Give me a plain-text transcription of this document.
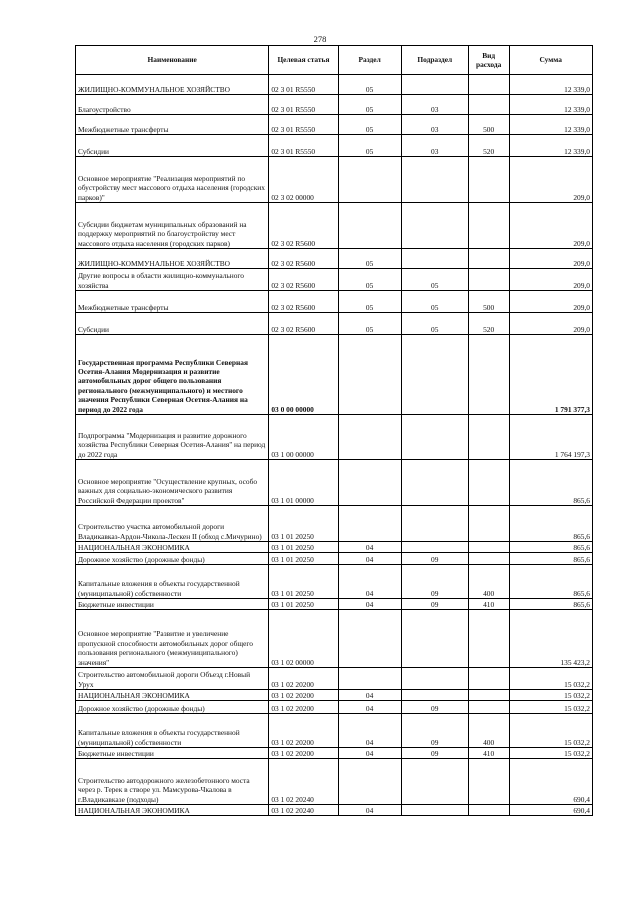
278
Наименование	Целевая статья	Раздел	Подраздел	Вид расхода	Сумма
ЖИЛИЩНО-КОММУНАЛЬНОЕ ХОЗЯЙСТВО	02 3 01 R5550	05			12 339,0
Благоустройство	02 3 01 R5550	05	03		12 339,0
Межбюджетные трансферты	02 3 01 R5550	05	03	500	12 339,0
Субсидии	02 3 01 R5550	05	03	520	12 339,0
Основное мероприятие "Реализация мероприятий по обустройству мест массового отдыха населения (городских парков)"	02 3 02 00000				209,0
Субсидии бюджетам муниципальных образований на поддержку мероприятий по благоустройству мест массового отдыха населения (городских парков)	02 3 02 R5600				209,0
ЖИЛИЩНО-КОММУНАЛЬНОЕ ХОЗЯЙСТВО	02 3 02 R5600	05			209,0
Другие вопросы в области жилищно-коммунального хозяйства	02 3 02 R5600	05	05		209,0
Межбюджетные трансферты	02 3 02 R5600	05	05	500	209,0
Субсидии	02 3 02 R5600	05	05	520	209,0
Государственная программа Республики Северная Осетия-Алания Модернизация и развитие автомобильных дорог общего пользования регионального (межмуниципального) и местного значения Республики Северная Осетия-Алания на период до 2022 года	03 0 00 00000				1 791 377,3
Подпрограмма "Модернизация и развитие дорожного хозяйства Республики Северная Осетия-Алания" на период до 2022 года	03 1 00 00000				1 764 197,3
Основное мероприятие "Осуществление крупных, особо важных для социально-экономического развития Российской Федерации проектов"	03 1 01 00000				865,6
Строительство участка автомобильной дороги Владикавказ-Ардон-Чикола-Лескен II (обход с.Мичурино)	03 1 01 20250				865,6
НАЦИОНАЛЬНАЯ ЭКОНОМИКА	03 1 01 20250	04			865,6
Дорожное хозяйство (дорожные фонды)	03 1 01 20250	04	09		865,6
Капитальные вложения в объекты государственной (муниципальной) собственности	03 1 01 20250	04	09	400	865,6
Бюджетные инвестиции	03 1 01 20250	04	09	410	865,6
Основное мероприятие "Развитие и увеличение пропускной способности автомобильных дорог общего пользования регионального (межмуниципального) значения"	03 1 02 00000				135 423,2
Строительство автомобильной дороги Объезд г.Новый Урух	03 1 02 20200				15 032,2
НАЦИОНАЛЬНАЯ ЭКОНОМИКА	03 1 02 20200	04			15 032,2
Дорожное хозяйство (дорожные фонды)	03 1 02 20200	04	09		15 032,2
Капитальные вложения в объекты государственной (муниципальной) собственности	03 1 02 20200	04	09	400	15 032,2
Бюджетные инвестиции	03 1 02 20200	04	09	410	15 032,2
Строительство автодорожного железобетонного моста через р. Терек в створе ул. Мамсурова-Чкалова в г.Владикавказе (подходы)	03 1 02 20240				690,4
НАЦИОНАЛЬНАЯ ЭКОНОМИКА	03 1 02 20240	04			690,4
